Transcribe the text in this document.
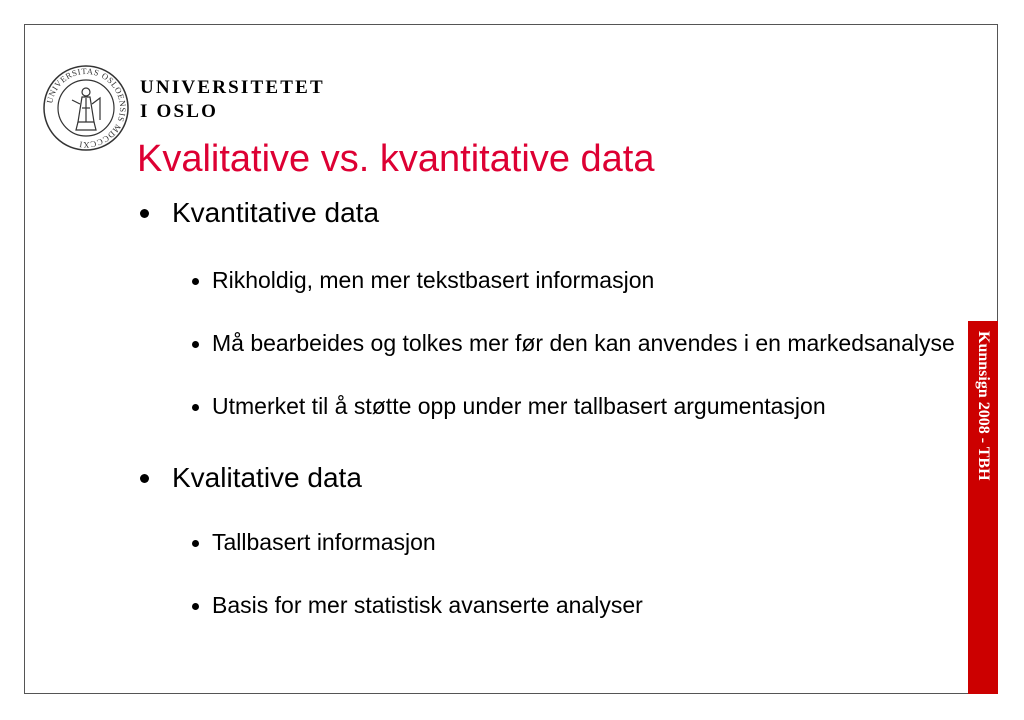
UNIVERSITAS OSLOENSIS MDCCCXI
UNIVERSITETET
I OSLO
Kvalitative vs. kvantitative data
Kvantitative data
Rikholdig, men mer tekstbasert informasjon
Må bearbeides og tolkes mer før den kan anvendes i en markedsanalyse
Utmerket til å støtte opp under mer tallbasert argumentasjon
Kvalitative data
Tallbasert informasjon
Basis for mer statistisk avanserte analyser
Kunnsign 2008 - TBH
